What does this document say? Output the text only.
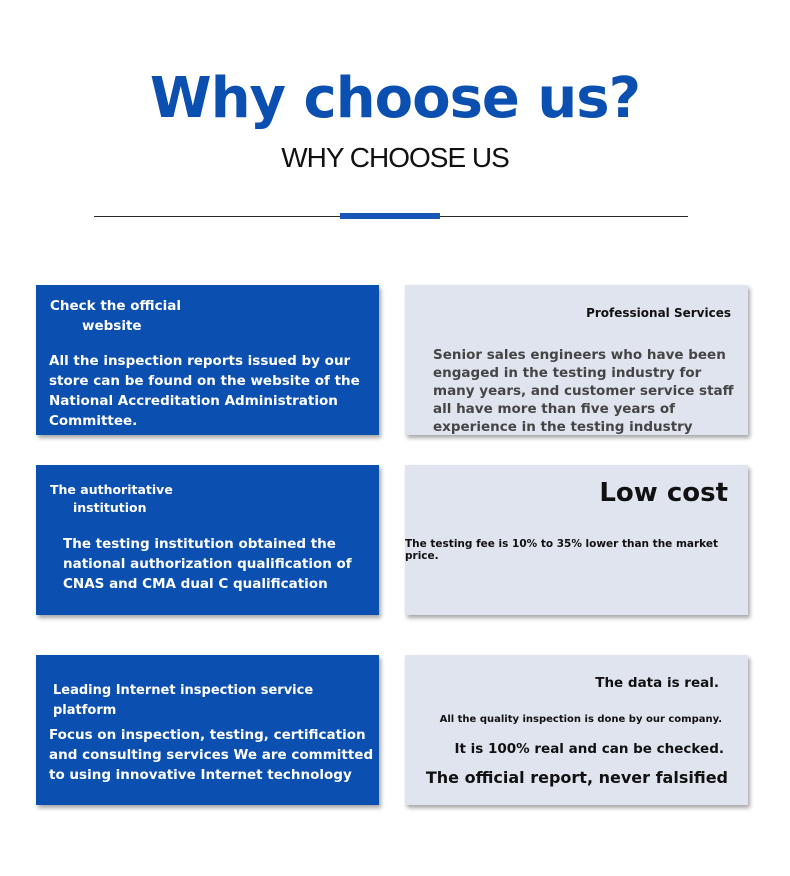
Why choose us?
WHY CHOOSE US
Check the official
website
All the inspection reports issued by our store can be found on the website of the National Accreditation Administration Committee.
Professional Services
Senior sales engineers who have been engaged in the testing industry for many years, and customer service staff all have more than five years of experience in the testing industry
The authoritative
institution
The testing institution obtained the national authorization qualification of CNAS and CMA dual C qualification
Low cost
The testing fee is 10% to 35% lower than the market price.
Leading Internet inspection service platform
Focus on inspection, testing, certification and consulting services We are committed to using innovative Internet technology
The data is real.
All the quality inspection is done by our company.
It is 100% real and can be checked.
The official report, never falsified
